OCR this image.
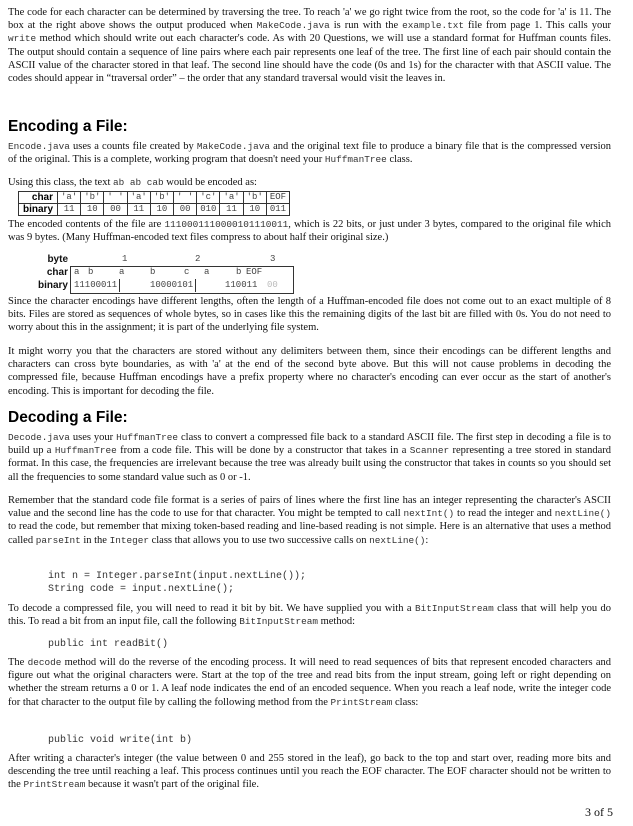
The code for each character can be determined by traversing the tree. To reach 'a' we go right twice from the root, so the code for 'a' is 11. The box at the right above shows the output produced when MakeCode.java is run with the example.txt file from page 1. This calls your write method which should write out each character's code. As with 20 Questions, we will use a standard format for Huffman counts files. The output should contain a sequence of line pairs where each pair represents one leaf of the tree. The first line of each pair should contain the ASCII value of the character stored in that leaf. The second line should have the code (0s and 1s) for the character with that ASCII value. The codes should appear in “traversal order” – the order that any standard traversal would visit the leaves in.

Encoding a File:

Encode.java uses a counts file created by MakeCode.java and the original text file to produce a binary file that is the compressed version of the original. This is a complete, working program that doesn't need your HuffmanTree class.

Using this class, the text ab ab cab would be encoded as:

char	'a'	'b'	' '	'a'	'b'	' '	'c'	'a'	'b'	EOF
binary	11	10	00	11	10	00	010	11	10	011

The encoded contents of the file are 1110001110000101110011, which is 22 bits, or just under 3 bytes, compared to the original file which was 9 bytes. (Many Huffman-encoded text files compress to about half their original size.)

byte	1	2	3
char a b	a	b	c a	b EOF
binary 11100011	10000101	110011 00

Since the character encodings have different lengths, often the length of a Huffman-encoded file does not come out to an exact multiple of 8 bits. Files are stored as sequences of whole bytes, so in cases like this the remaining digits of the last bit are filled with 0s. You do not need to worry about this in the assignment; it is part of the underlying file system.

It might worry you that the characters are stored without any delimiters between them, since their encodings can be different lengths and characters can cross byte boundaries, as with 'a' at the end of the second byte above. But this will not cause problems in decoding the compressed file, because Huffman encodings have a prefix property where no character's encoding can ever occur as the start of another's encoding. This is important for decoding the file.

Decoding a File:

Decode.java uses your HuffmanTree class to convert a compressed file back to a standard ASCII file. The first step in decoding a file is to build up a HuffmanTree from a code file. This will be done by a constructor that takes in a Scanner representing a tree stored in standard format. In this case, the frequencies are irrelevant because the tree was already built using the constructor that takes in counts so you should set all the frequencies to some standard value such as 0 or -1.

Remember that the standard code file format is a series of pairs of lines where the first line has an integer representing the character's ASCII value and the second line has the code to use for that character. You might be tempted to call nextInt() to read the integer and nextLine() to read the code, but remember that mixing token-based reading and line-based reading is not simple. Here is an alternative that uses a method called parseInt in the Integer class that allows you to use two successive calls on nextLine():

int n = Integer.parseInt(input.nextLine());
String code = input.nextLine();

To decode a compressed file, you will need to read it bit by bit. We have supplied you with a BitInputStream class that will help you do this. To read a bit from an input file, call the following BitInputStream method:

public int readBit()

The decode method will do the reverse of the encoding process. It will need to read sequences of bits that represent encoded characters and figure out what the original characters were. Start at the top of the tree and read bits from the input stream, going left or right depending on whether the stream returns a 0 or 1. A leaf node indicates the end of an encoded sequence. When you reach a leaf node, write the integer code for that character to the output file by calling the following method from the PrintStream class:

public void write(int b)

After writing a character's integer (the value between 0 and 255 stored in the leaf), go back to the top and start over, reading more bits and descending the tree until reaching a leaf. This process continues until you reach the EOF character. The EOF character should not be written to the PrintStream because it wasn't part of the original file.

3 of 5
